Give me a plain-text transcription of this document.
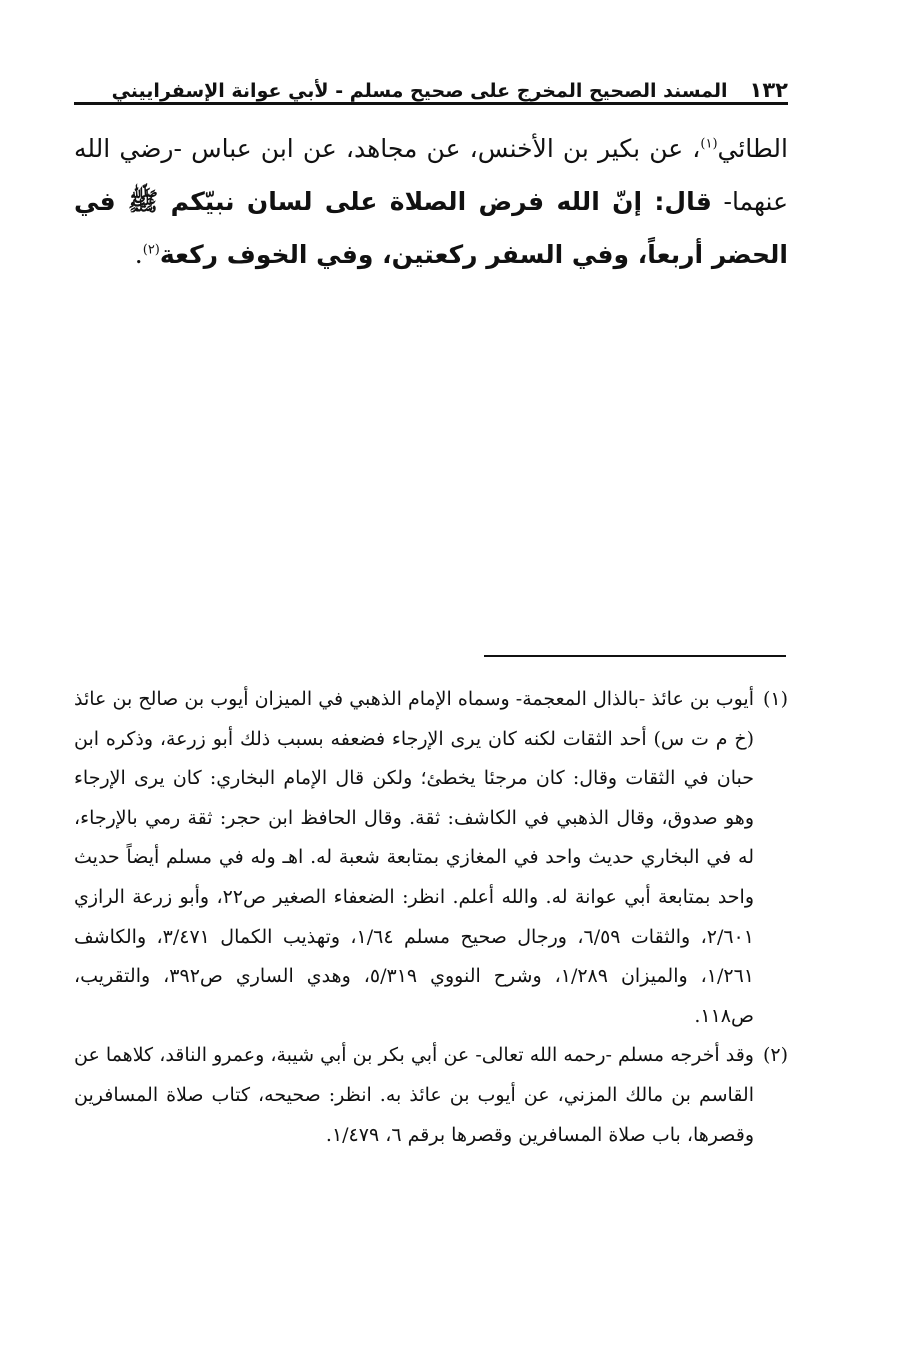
١٣٢
المسند الصحيح المخرج على صحيح مسلم - لأبي عوانة الإسفراييني
الطائي$^{(١)}$، عن بكير بن الأخنس، عن مجاهد، عن ابن عباس -رضي الله عنهما- قال: إنّ الله فرض الصلاة على لسان نبيّكم ﷺ في الحضر أربعاً، وفي السفر ركعتين، وفي الخوف ركعة$^{(٢)}$.
(١)
أيوب بن عائذ -بالذال المعجمة- وسماه الإمام الذهبي في الميزان أيوب بن صالح بن عائذ (خ م ت س) أحد الثقات لكنه كان يرى الإرجاء فضعفه بسبب ذلك أبو زرعة، وذكره ابن حبان في الثقات وقال: كان مرجئا يخطئ؛ ولكن قال الإمام البخاري: كان يرى الإرجاء وهو صدوق، وقال الذهبي في الكاشف: ثقة. وقال الحافظ ابن حجر: ثقة رمي بالإرجاء، له في البخاري حديث واحد في المغازي بمتابعة شعبة له. اهـ وله في مسلم أيضاً حديث واحد بمتابعة أبي عوانة له. والله أعلم. انظر: الضعفاء الصغير ص٢٢، وأبو زرعة الرازي ٢/٦٠١، والثقات ٦/٥٩، ورجال صحيح مسلم ١/٦٤، وتهذيب الكمال ٣/٤٧١، والكاشف ١/٢٦١، والميزان ١/٢٨٩، وشرح النووي ٥/٣١٩، وهدي الساري ص٣٩٢، والتقريب، ص١١٨.
(٢)
وقد أخرجه مسلم -رحمه الله تعالى- عن أبي بكر بن أبي شيبة، وعمرو الناقد، كلاهما عن القاسم بن مالك المزني، عن أيوب بن عائذ به. انظر: صحيحه، كتاب صلاة المسافرين وقصرها، باب صلاة المسافرين وقصرها برقم ٦، ١/٤٧٩.
